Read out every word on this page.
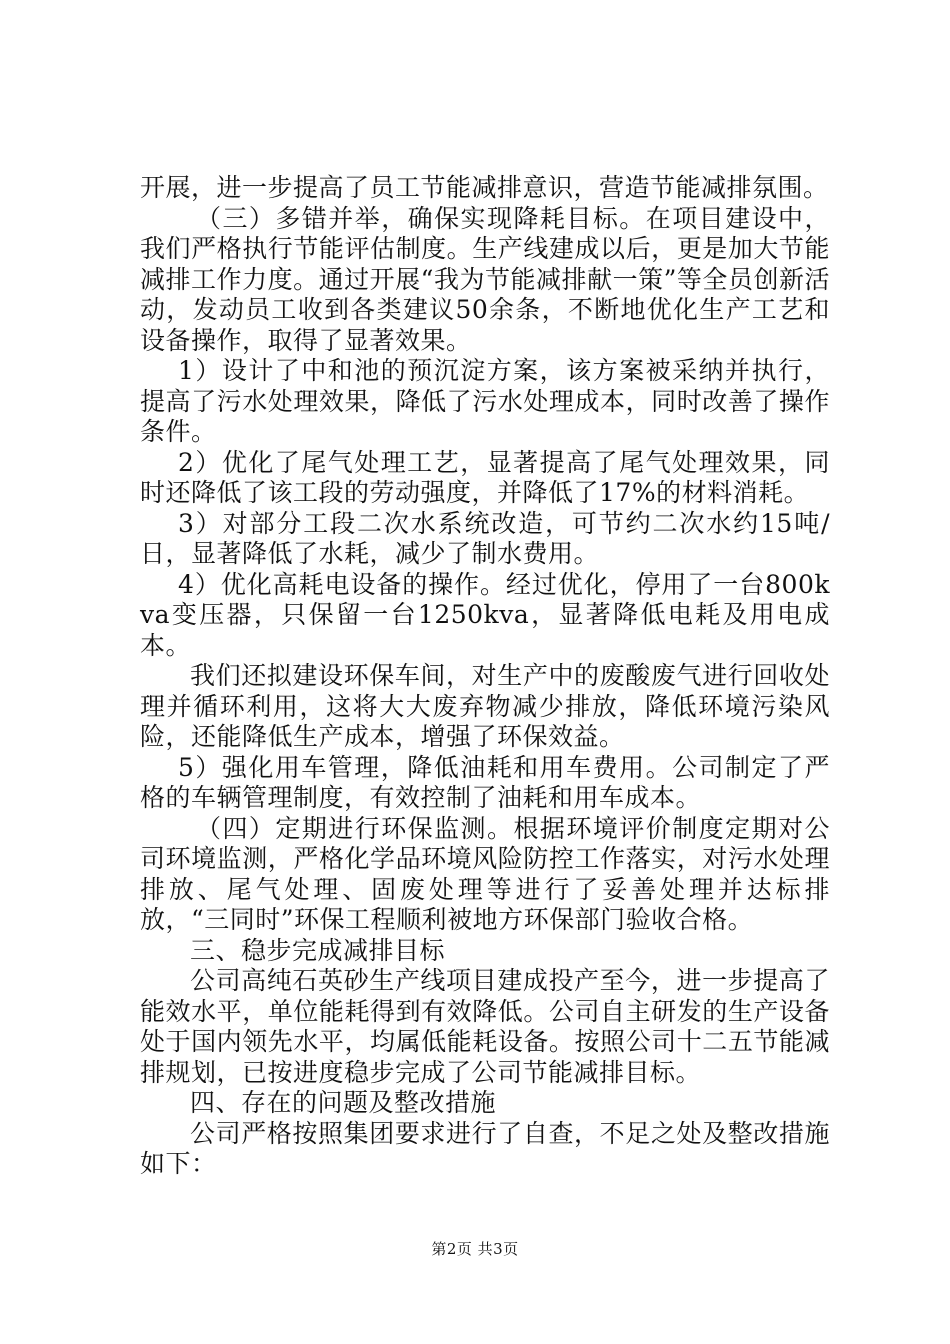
开展，进一步提高了员工节能减排意识，营造节能减排氛围。

（三）多错并举，确保实现降耗目标。在项目建设中，我们严格执行节能评估制度。生产线建成以后，更是加大节能减排工作力度。通过开展“我为节能减排献一策”等全员创新活动，发动员工收到各类建议50余条，不断地优化生产工艺和设备操作，取得了显著效果。

1）设计了中和池的预沉淀方案，该方案被采纳并执行，提高了污水处理效果，降低了污水处理成本，同时改善了操作条件。

2）优化了尾气处理工艺，显著提高了尾气处理效果，同时还降低了该工段的劳动强度，并降低了17%的材料消耗。

3）对部分工段二次水系统改造，可节约二次水约15吨/日，显著降低了水耗，减少了制水费用。

4）优化高耗电设备的操作。经过优化，停用了一台800kva变压器，只保留一台1250kva，显著降低电耗及用电成本。

我们还拟建设环保车间，对生产中的废酸废气进行回收处理并循环利用，这将大大废弃物减少排放，降低环境污染风险，还能降低生产成本，增强了环保效益。

5）强化用车管理，降低油耗和用车费用。公司制定了严格的车辆管理制度，有效控制了油耗和用车成本。

（四）定期进行环保监测。根据环境评价制度定期对公司环境监测，严格化学品环境风险防控工作落实，对污水处理排放、尾气处理、固废处理等进行了妥善处理并达标排放，“三同时”环保工程顺利被地方环保部门验收合格。

三、稳步完成减排目标

公司高纯石英砂生产线项目建成投产至今，进一步提高了能效水平，单位能耗得到有效降低。公司自主研发的生产设备处于国内领先水平，均属低能耗设备。按照公司十二五节能减排规划，已按进度稳步完成了公司节能减排目标。

四、存在的问题及整改措施

公司严格按照集团要求进行了自查，不足之处及整改措施如下：

第2页 共3页
